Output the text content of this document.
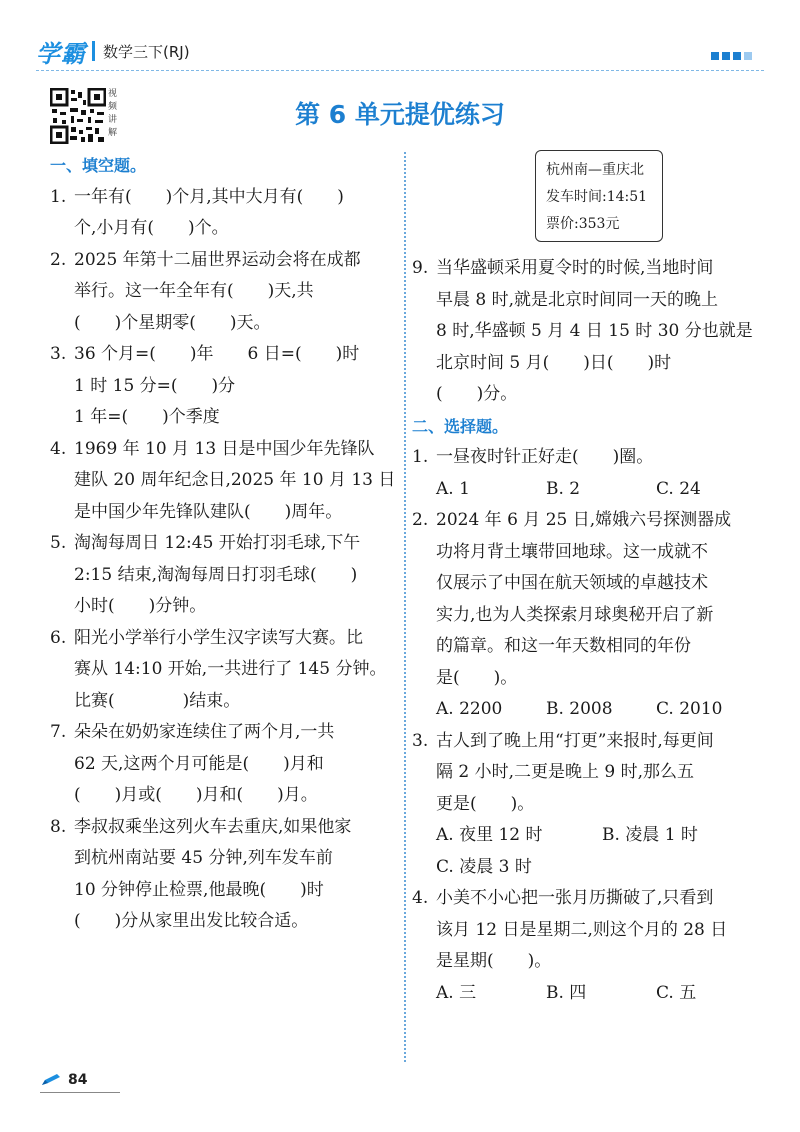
学霸 数学三下(RJ)
视频讲解
第 6 单元提优练习
一、填空题。
1. 一年有(　　)个月,其中大月有(　　)
个,小月有(　　)个。
2. 2025 年第十二届世界运动会将在成都
举行。这一年全年有(　　)天,共
(　　)个星期零(　　)天。
3. 36 个月=(　　)年　　6 日=(　　)时
1 时 15 分=(　　)分
1 年=(　　)个季度
4. 1969 年 10 月 13 日是中国少年先锋队
建队 20 周年纪念日,2025 年 10 月 13 日
是中国少年先锋队建队(　　)周年。
5. 淘淘每周日 12:45 开始打羽毛球,下午
2:15 结束,淘淘每周日打羽毛球(　　)
小时(　　)分钟。
6. 阳光小学举行小学生汉字读写大赛。比
赛从 14:10 开始,一共进行了 145 分钟。
比赛(　　　　)结束。
7. 朵朵在奶奶家连续住了两个月,一共
62 天,这两个月可能是(　　)月和
(　　)月或(　　)月和(　　)月。
8. 李叔叔乘坐这列火车去重庆,如果他家
到杭州南站要 45 分钟,列车发车前
10 分钟停止检票,他最晚(　　)时
(　　)分从家里出发比较合适。
杭州南—重庆北
发车时间:14:51
票价:353元
9. 当华盛顿采用夏令时的时候,当地时间
早晨 8 时,就是北京时间同一天的晚上
8 时,华盛顿 5 月 4 日 15 时 30 分也就是
北京时间 5 月(　　)日(　　)时
(　　)分。
二、选择题。
1. 一昼夜时针正好走(　　)圈。
A. 1	B. 2	C. 24
2. 2024 年 6 月 25 日,嫦娥六号探测器成
功将月背土壤带回地球。这一成就不
仅展示了中国在航天领域的卓越技术
实力,也为人类探索月球奥秘开启了新
的篇章。和这一年天数相同的年份
是(　　)。
A. 2200	B. 2008	C. 2010
3. 古人到了晚上用“打更”来报时,每更间
隔 2 小时,二更是晚上 9 时,那么五
更是(　　)。
A. 夜里 12 时	B. 凌晨 1 时
C. 凌晨 3 时
4. 小美不小心把一张月历撕破了,只看到
该月 12 日是星期二,则这个月的 28 日
是星期(　　)。
A. 三	B. 四	C. 五
84
